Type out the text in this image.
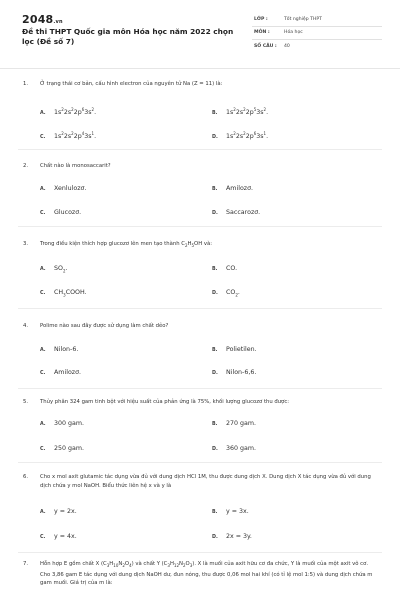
2048.vn
Đề thi THPT Quốc gia môn Hóa học năm 2022 chọn lọc (Đề số 7)
LỚP :	Tốt nghiệp THPT
MÔN :	Hóa học
SỐ CÂU : 40
1. Ở trạng thái cơ bản, cấu hình electron của nguyên tử Na (Z = 11) là:
A. $1s^22s^22p^63s^2$.	B. $1s^22s^22p^53s^2$.
C. $1s^22s^22p^43s^1$.	D. $1s^22s^22p^63s^1$.
2. Chất nào là monosaccarit?
A. Xenlulozơ.	B. Amilozơ.
C. Glucozơ.	D. Saccarozơ.
3. Trong điều kiện thích hợp glucozơ lên men tạo thành $C_2H_5OH$ và:
A. $SO_2$.	B. CO.
C. $CH_3COOH$.	D. $CO_2$.
4. Polime nào sau đây được sử dụng làm chất dẻo?
A. Nilon-6.	B. Polietilen.
C. Amilozơ.	D. Nilon-6,6.
5. Thủy phân 324 gam tinh bột với hiệu suất của phản ứng là 75%, khối lượng glucozơ thu được:
A. 300 gam.	B. 270 gam.
C. 250 gam.	D. 360 gam.
6. Cho x mol axit glutamic tác dụng vừa đủ với dung dịch HCl 1M, thu được dung dịch X. Dung dịch X tác dụng vừa đủ với dung dịch chứa y mol NaOH. Biểu thức liên hệ x và y là
A. y = 2x.	B. y = 3x.
C. y = 4x.	D. 2x = 3y.
7. Hỗn hợp E gồm chất X $(C_3H_{10}N_2O_4)$ và chất Y $(C_3H_{12}N_2O_3)$. X là muối của axit hữu cơ đa chức, Y là muối của một axit vô cơ. Cho 3,86 gam E tác dụng với dung dịch NaOH dư, đun nóng, thu được 0,06 mol hai khí (có tỉ lệ mol 1:5) và dung dịch chứa m gam muối. Giá trị của m là:
